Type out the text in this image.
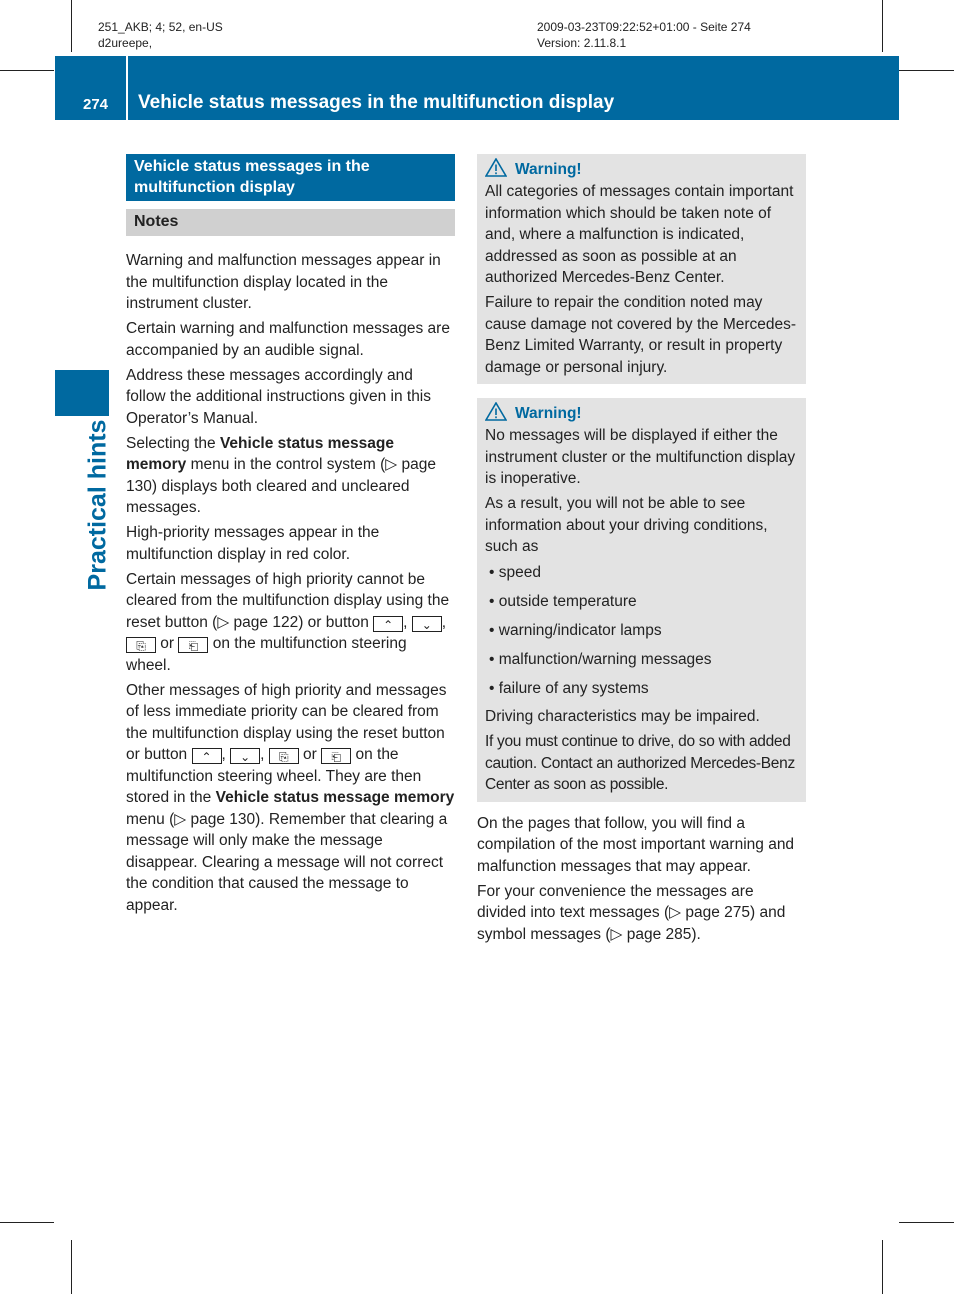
251_AKB; 4; 52, en-US
d2ureepe,
2009-03-23T09:22:52+01:00 - Seite 274
Version: 2.11.8.1
274 Vehicle status messages in the multifunction display
Practical hints
Vehicle status messages in the multifunction display
Notes

Warning and malfunction messages appear in the multifunction display located in the instrument cluster.

Certain warning and malfunction messages are accompanied by an audible signal.

Address these messages accordingly and follow the additional instructions given in this Operator’s Manual.

Selecting the Vehicle status message memory menu in the control system (▷ page 130) displays both cleared and uncleared messages.

High-priority messages appear in the multifunction display in red color.

Certain messages of high priority cannot be cleared from the multifunction display using the reset button (▷ page 122) or button ⌃ , ⌄ , ⎘ or ⎗ on the multifunction steering wheel.

Other messages of high priority and messages of less immediate priority can be cleared from the multifunction display using the reset button or button ⌃ , ⌄ , ⎘ or ⎗ on the multifunction steering wheel. They are then stored in the Vehicle status message memory menu (▷ page 130). Remember that clearing a message will only make the message disappear. Clearing a message will not correct the condition that caused the message to appear.

Warning!

All categories of messages contain important information which should be taken note of and, where a malfunction is indicated, addressed as soon as possible at an authorized Mercedes-Benz Center.

Failure to repair the condition noted may cause damage not covered by the Mercedes-Benz Limited Warranty, or result in property damage or personal injury.

Warning!

No messages will be displayed if either the instrument cluster or the multifunction display is inoperative.

As a result, you will not be able to see information about your driving conditions, such as

• speed
• outside temperature
• warning/indicator lamps
• malfunction/warning messages
• failure of any systems

Driving characteristics may be impaired.

If you must continue to drive, do so with added caution. Contact an authorized Mercedes-Benz Center as soon as possible.

On the pages that follow, you will find a compilation of the most important warning and malfunction messages that may appear.

For your convenience the messages are divided into text messages (▷ page 275) and symbol messages (▷ page 285).
